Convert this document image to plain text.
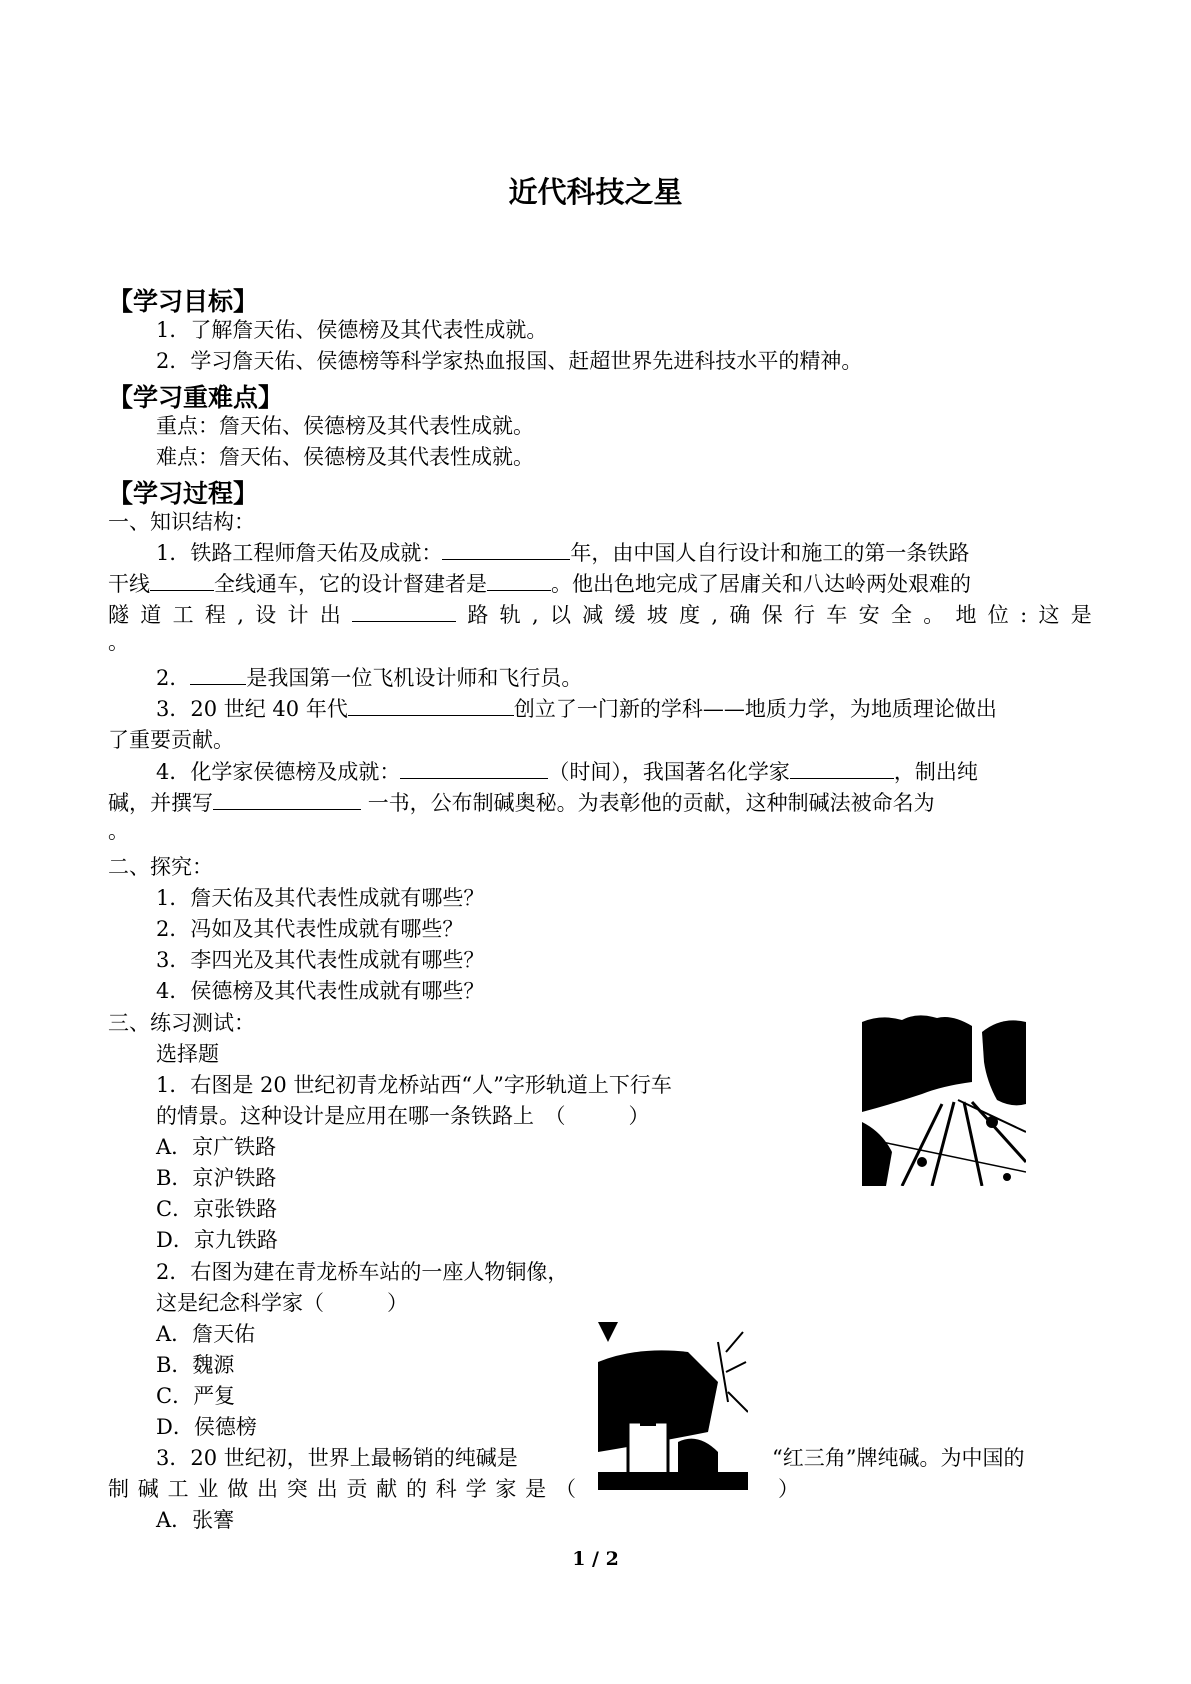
近代科技之星
【学习目标】
1．了解詹天佑、侯德榜及其代表性成就。
2．学习詹天佑、侯德榜等科学家热血报国、赶超世界先进科技水平的精神。
【学习重难点】
重点：詹天佑、侯德榜及其代表性成就。
难点：詹天佑、侯德榜及其代表性成就。
【学习过程】
一、知识结构：
1．铁路工程师詹天佑及成就：	年，由中国人自行设计和施工的第一条铁路
干线	全线通车，它的设计督建者是	。他出色地完成了居庸关和八达岭两处艰难的
隧 道 工 程 , 设 计 出	路 轨 , 以 减 缓 坡 度 , 确 保 行 车 安 全 。 地 位 : 这 是
。
2．	是我国第一位飞机设计师和飞行员。
3．20 世纪 40 年代	创立了一门新的学科——地质力学，为地质理论做出
了重要贡献。
4．化学家侯德榜及成就：	（时间），我国著名化学家	，制出纯
碱，并撰写	一书，公布制碱奥秘。为表彰他的贡献，这种制碱法被命名为
。
二、探究：
1．詹天佑及其代表性成就有哪些？
2．冯如及其代表性成就有哪些？
3．李四光及其代表性成就有哪些？
4．侯德榜及其代表性成就有哪些？
三、练习测试：
选择题
1．右图是 20 世纪初青龙桥站西“人”字形轨道上下行车
的情景。这种设计是应用在哪一条铁路上　（　　　）
A．京广铁路
B．京沪铁路
C．京张铁路
D．京九铁路
2．右图为建在青龙桥车站的一座人物铜像，
这是纪念科学家（　　　）
A．詹天佑
B．魏源
C．严复
D．侯德榜
3．20 世纪初，世界上最畅销的纯碱是	“红三角”牌纯碱。为中国的
制 碱 工 业 做 出 突 出 贡 献 的 科 学 家 是 （	）
A．张謇
1 / 2
